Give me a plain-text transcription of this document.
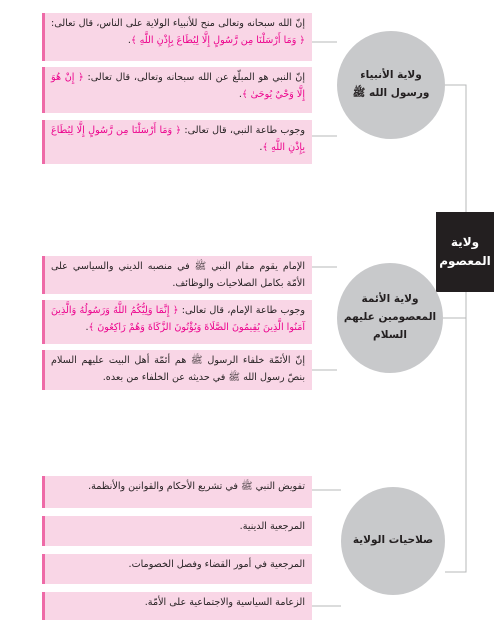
ولاية
المعصوم
ولاية الأنبياء
ورسول الله ﷺ
إنّ الله سبحانه وتعالى منح للأنبياء الولاية على الناس، قال تعالى: ﴿ وَمَا أَرْسَلْنَا مِن رَّسُولٍ إِلَّا لِيُطَاعَ بِإِذْنِ اللَّهِ ﴾.
إنّ النبي هو المبلّغ عن الله سبحانه وتعالى، قال تعالى: ﴿ إِنْ هُوَ إِلَّا وَحْيٌ يُوحَىٰ ﴾.
وجوب طاعة النبي، قال تعالى: ﴿ وَمَا أَرْسَلْنَا مِن رَّسُولٍ إِلَّا لِيُطَاعَ بِإِذْنِ اللَّهِ ﴾.
ولاية الأئمة
المعصومين عليهم السلام
الإمام يقوم مقام النبي ﷺ في منصبه الديني والسياسي على الأمّة بكامل الصلاحيات والوظائف.
وجوب طاعة الإمام، قال تعالى: ﴿ إِنَّمَا وَلِيُّكُمُ اللَّهُ وَرَسُولُهُ وَالَّذِينَ آمَنُوا الَّذِينَ يُقِيمُونَ الصَّلَاةَ وَيُؤْتُونَ الزَّكَاةَ وَهُمْ رَاكِعُونَ ﴾.
إنّ الأئمّة خلفاء الرسول ﷺ هم أئمّة أهل البيت عليهم السلام بنصّ رسول الله ﷺ في حديثه عن الخلفاء من بعده.
صلاحيات الولاية
تفويض النبي ﷺ في تشريع الأحكام والقوانين والأنظمة.
المرجعية الدينية.
المرجعية في أمور القضاء وفصل الخصومات.
الزعامة السياسية والاجتماعية على الأمّة.
